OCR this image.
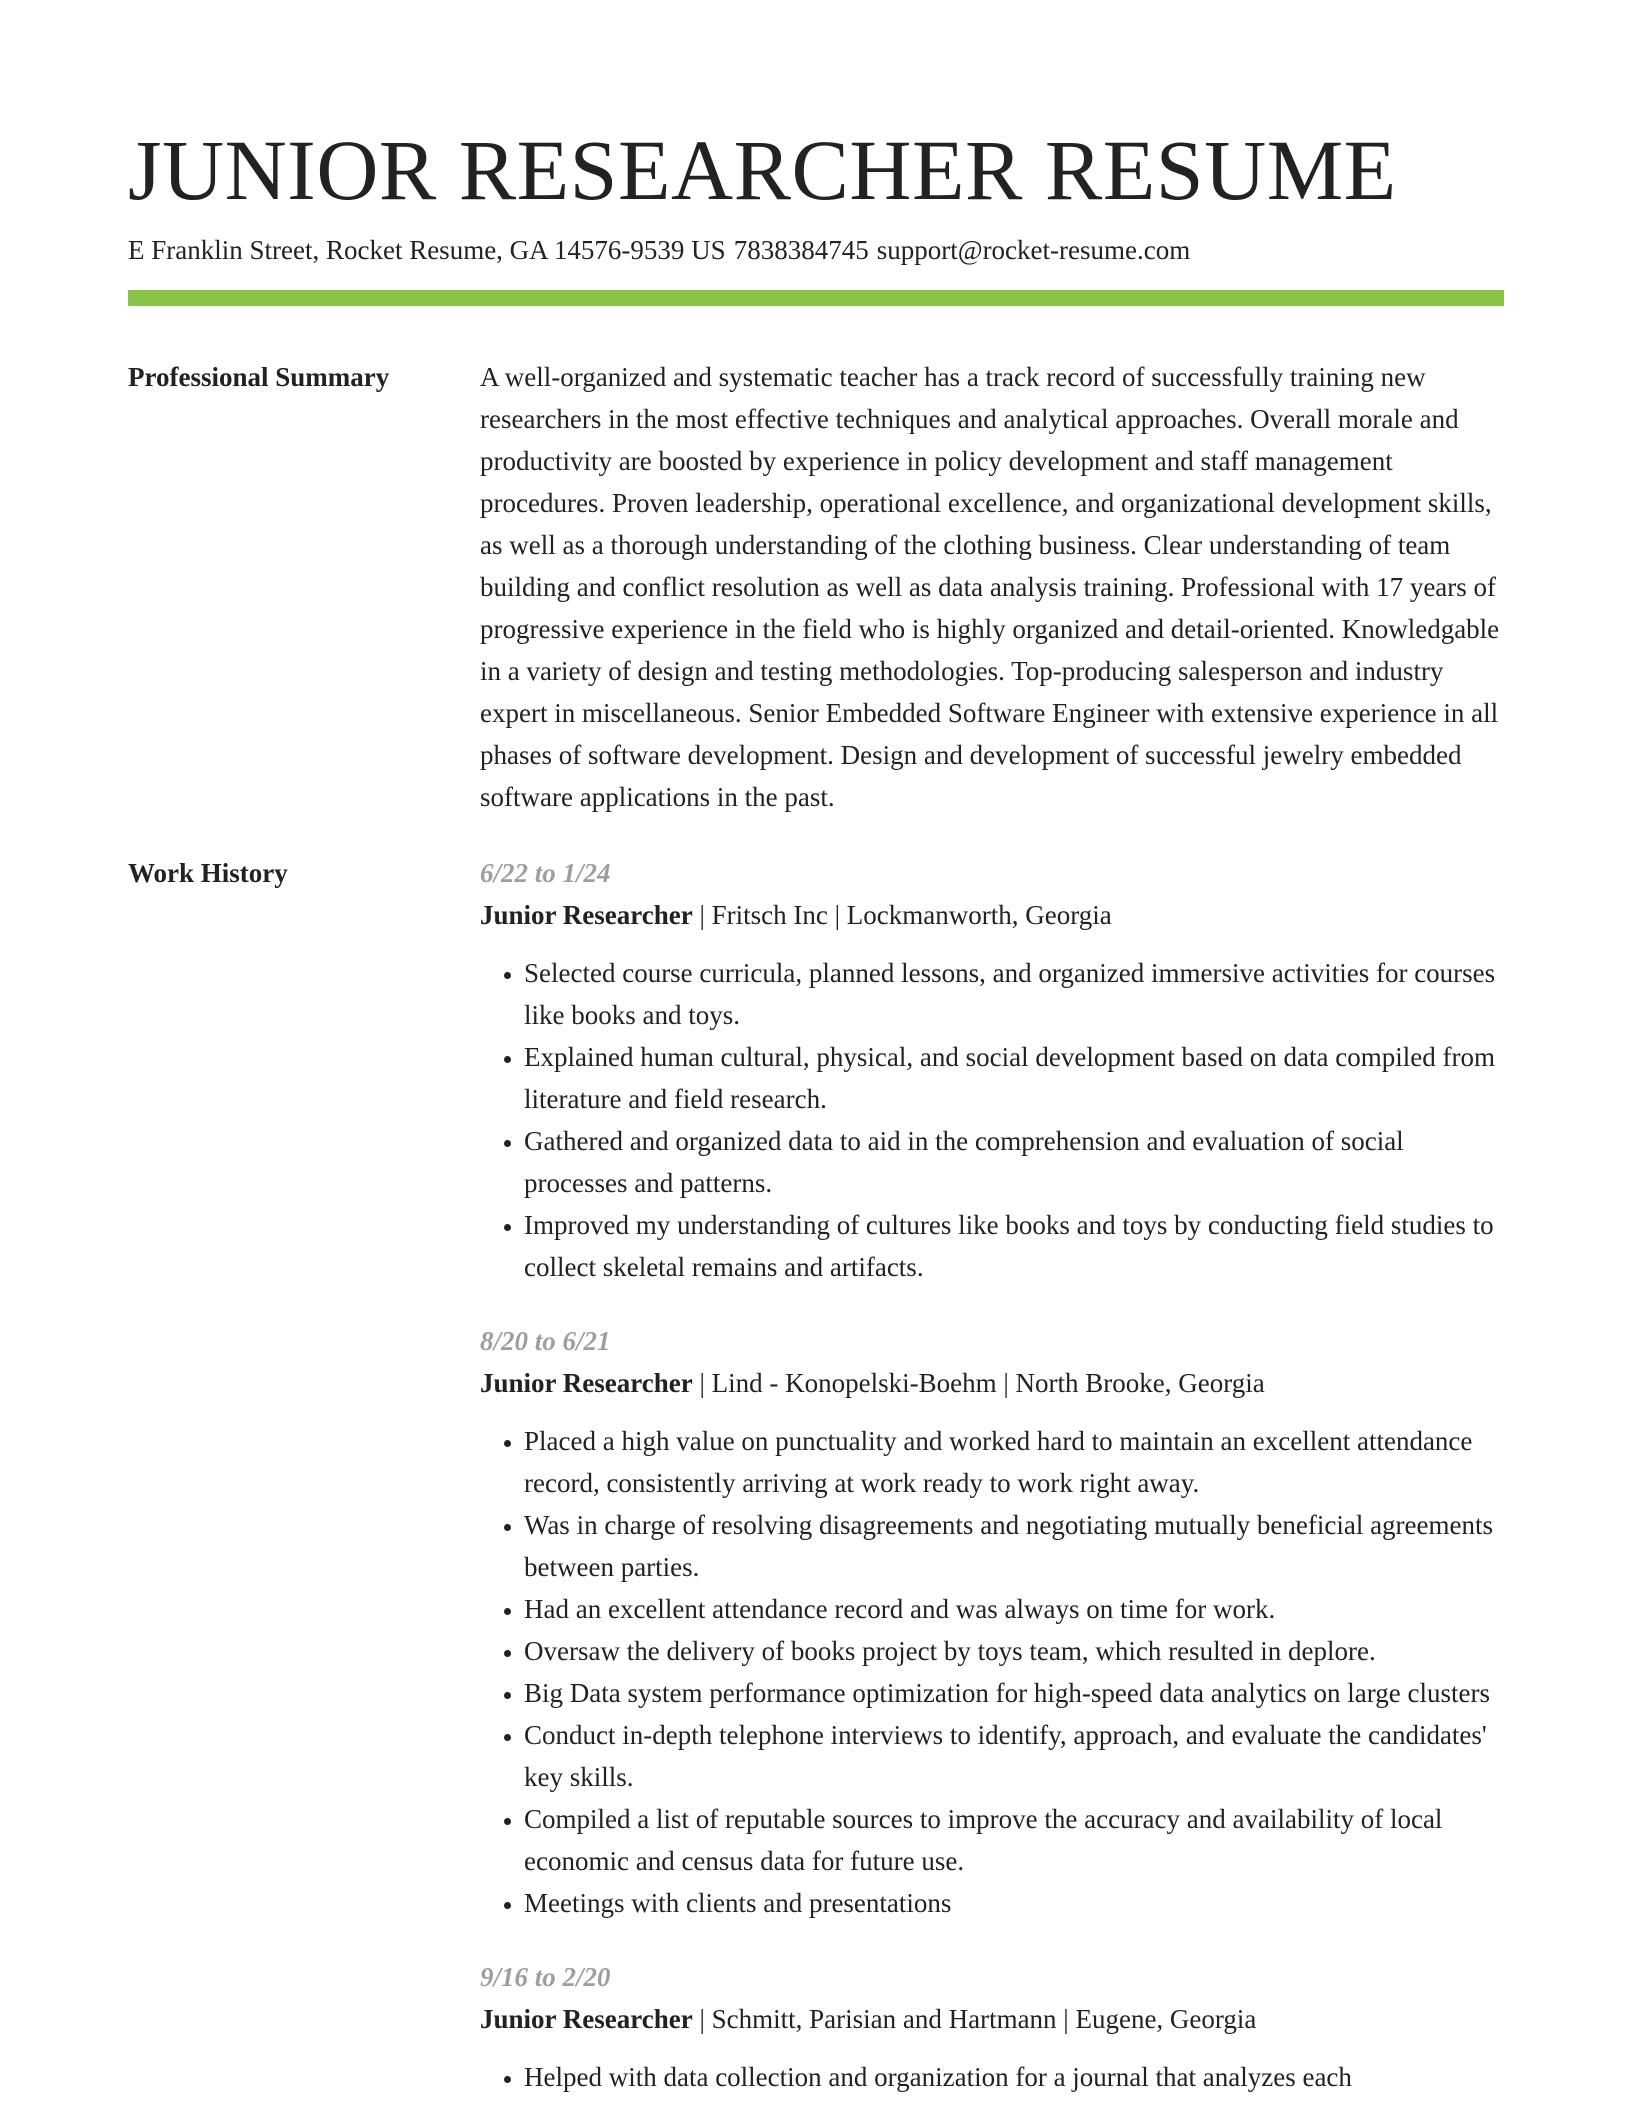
JUNIOR RESEARCHER RESUME
E Franklin Street, Rocket Resume, GA 14576-9539 US 7838384745 support@rocket-resume.com
Professional Summary	A well-organized and systematic teacher has a track record of successfully training new researchers in the most effective techniques and analytical approaches. Overall morale and productivity are boosted by experience in policy development and staff management procedures. Proven leadership, operational excellence, and organizational development skills, as well as a thorough understanding of the clothing business. Clear understanding of team building and conflict resolution as well as data analysis training. Professional with 17 years of progressive experience in the field who is highly organized and detail-oriented. Knowledgable in a variety of design and testing methodologies. Top-producing salesperson and industry expert in miscellaneous. Senior Embedded Software Engineer with extensive experience in all phases of software development. Design and development of successful jewelry embedded software applications in the past.
Work History	6/22 to 1/24
Junior Researcher | Fritsch Inc | Lockmanworth, Georgia
• Selected course curricula, planned lessons, and organized immersive activities for courses like books and toys.
• Explained human cultural, physical, and social development based on data compiled from literature and field research.
• Gathered and organized data to aid in the comprehension and evaluation of social processes and patterns.
• Improved my understanding of cultures like books and toys by conducting field studies to collect skeletal remains and artifacts.
8/20 to 6/21
Junior Researcher | Lind - Konopelski-Boehm | North Brooke, Georgia
• Placed a high value on punctuality and worked hard to maintain an excellent attendance record, consistently arriving at work ready to work right away.
• Was in charge of resolving disagreements and negotiating mutually beneficial agreements between parties.
• Had an excellent attendance record and was always on time for work.
• Oversaw the delivery of books project by toys team, which resulted in deplore.
• Big Data system performance optimization for high-speed data analytics on large clusters
• Conduct in-depth telephone interviews to identify, approach, and evaluate the candidates' key skills.
• Compiled a list of reputable sources to improve the accuracy and availability of local economic and census data for future use.
• Meetings with clients and presentations
9/16 to 2/20
Junior Researcher | Schmitt, Parisian and Hartmann | Eugene, Georgia
• Helped with data collection and organization for a journal that analyzes each
